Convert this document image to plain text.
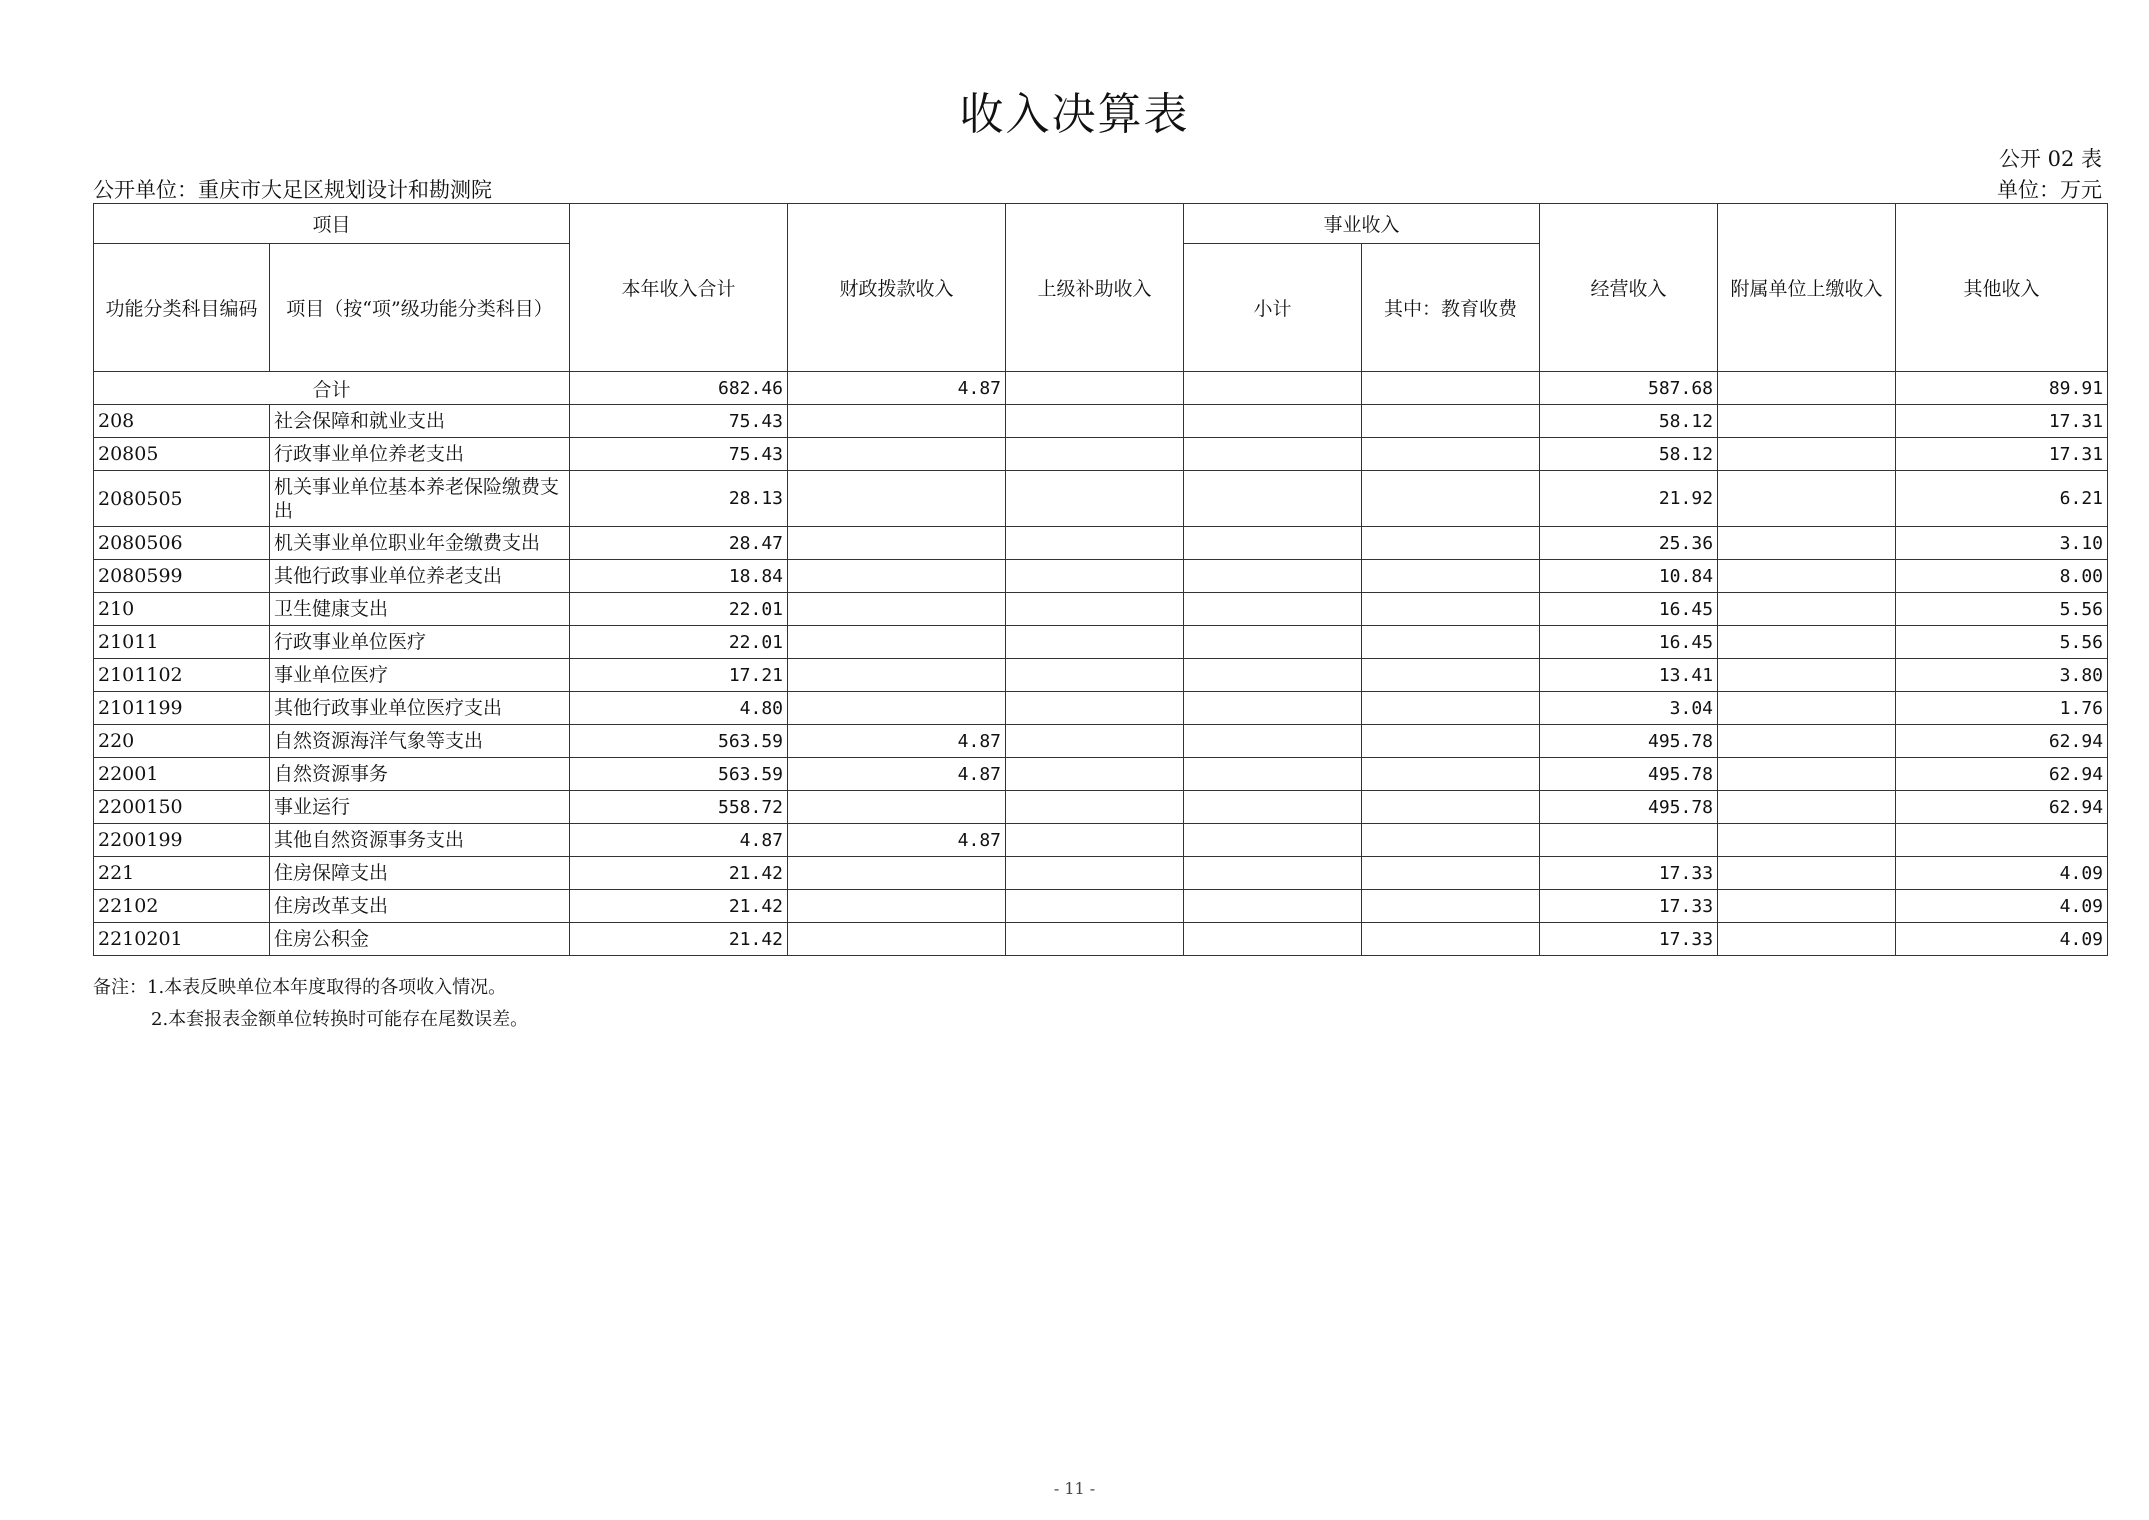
收入决算表
公开 02 表
公开单位：重庆市大足区规划设计和勘测院	单位：万元
项目		本年收入合计	财政拨款收入	上级补助收入	事业收入		经营收入	附属单位上缴收入	其他收入
功能分类科目编码	项目（按“项”级功能分类科目）				小计	其中：教育收费			
合计		682.46	4.87				587.68		89.91
208	社会保障和就业支出	75.43					58.12		17.31
20805	行政事业单位养老支出	75.43					58.12		17.31
2080505	机关事业单位基本养老保险缴费支出	28.13					21.92		6.21
2080506	机关事业单位职业年金缴费支出	28.47					25.36		3.10
2080599	其他行政事业单位养老支出	18.84					10.84		8.00
210	卫生健康支出	22.01					16.45		5.56
21011	行政事业单位医疗	22.01					16.45		5.56
2101102	事业单位医疗	17.21					13.41		3.80
2101199	其他行政事业单位医疗支出	4.80					3.04		1.76
220	自然资源海洋气象等支出	563.59	4.87				495.78		62.94
22001	自然资源事务	563.59	4.87				495.78		62.94
2200150	事业运行	558.72					495.78		62.94
2200199	其他自然资源事务支出	4.87	4.87						
221	住房保障支出	21.42					17.33		4.09
22102	住房改革支出	21.42					17.33		4.09
2210201	住房公积金	21.42					17.33		4.09
备注：1.本表反映单位本年度取得的各项收入情况。
2.本套报表金额单位转换时可能存在尾数误差。
- 11 -
